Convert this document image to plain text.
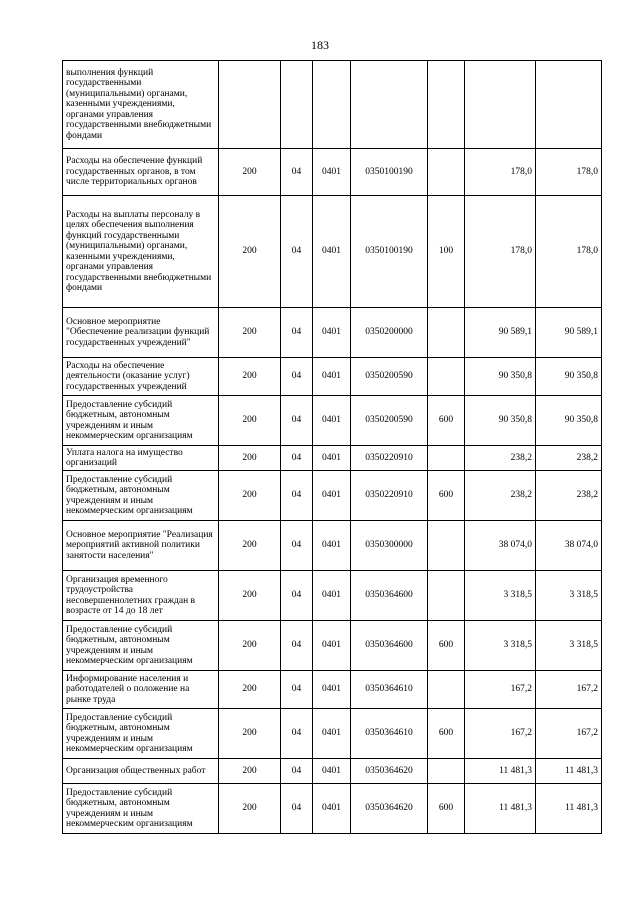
183
выполнения функций государственными (муниципальными) органами, казенными учреждениями, органами управления государственными внебюджетными фондами							
Расходы на обеспечение функций государственных органов, в том числе территориальных органов	200	04	0401	0350100190		178,0	178,0
Расходы на выплаты персоналу в целях обеспечения выполнения функций государственными (муниципальными) органами, казенными учреждениями, органами управления государственными внебюджетными фондами	200	04	0401	0350100190	100	178,0	178,0
Основное мероприятие "Обеспечение реализации функций государственных учреждений"	200	04	0401	0350200000		90 589,1	90 589,1
Расходы на обеспечение деятельности (оказание услуг) государственных учреждений	200	04	0401	0350200590		90 350,8	90 350,8
Предоставление субсидий бюджетным, автономным учреждениям и иным некоммерческим организациям	200	04	0401	0350200590	600	90 350,8	90 350,8
Уплата налога на имущество организаций	200	04	0401	0350220910		238,2	238,2
Предоставление субсидий бюджетным, автономным учреждениям и иным некоммерческим организациям	200	04	0401	0350220910	600	238,2	238,2
Основное мероприятие "Реализация мероприятий активной политики занятости населения"	200	04	0401	0350300000		38 074,0	38 074,0
Организация временного трудоустройства несовершеннолетних граждан в возрасте от 14 до 18 лет	200	04	0401	0350364600		3 318,5	3 318,5
Предоставление субсидий бюджетным, автономным учреждениям и иным некоммерческим организациям	200	04	0401	0350364600	600	3 318,5	3 318,5
Информирование населения и работодателей о положение на рынке труда	200	04	0401	0350364610		167,2	167,2
Предоставление субсидий бюджетным, автономным учреждениям и иным некоммерческим организациям	200	04	0401	0350364610	600	167,2	167,2
Организация общественных работ	200	04	0401	0350364620		11 481,3	11 481,3
Предоставление субсидий бюджетным, автономным учреждениям и иным некоммерческим организациям	200	04	0401	0350364620	600	11 481,3	11 481,3
